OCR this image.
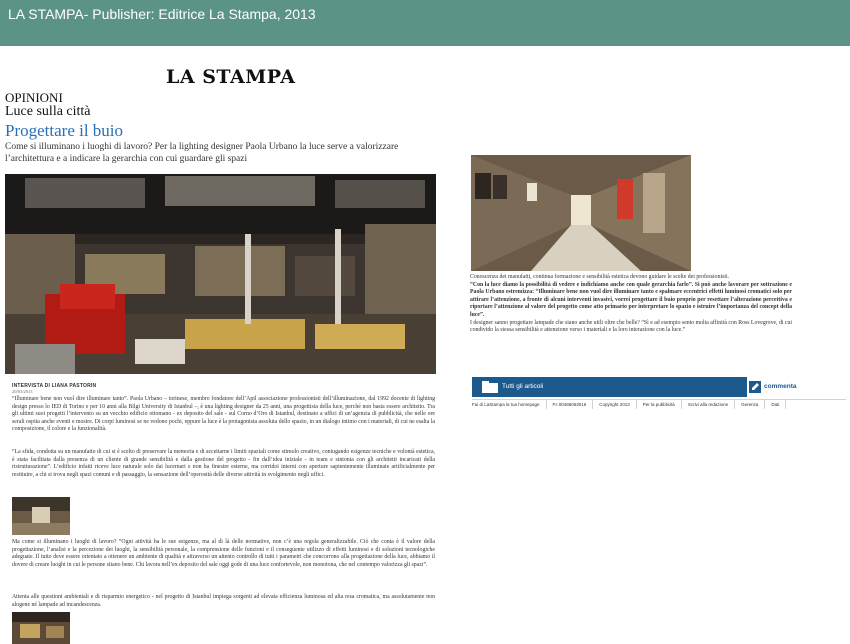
LA STAMPA- Publisher: Editrice La Stampa, 2013
LA STAMPA
OPINIONI
Luce sulla città
Progettare il buio
Come si illuminano i luoghi di lavoro? Per la lighting designer Paola Urbano la luce serve a valorizzare l’architettura e a indicare la gerarchia con cui guardare gli spazi
INTERVISTA DI LIANA PASTORIN
20/03/2013
“Illuminare bene non vuol dire illuminare tanto”. Paola Urbano – torinese, membro fondatore dell’Apil associazione professionisti dell’illuminazione, dal 1992 docente di lighting design presso lo IED di Torino e per 10 anni alla Bilgi University di Istanbul –, è una lighting designer da 25 anni, una progettista della luce, perché non basta essere architetto. Tra gli ultimi suoi progetti l’intervento su un vecchio edificio ottomano - ex deposito del sale - sul Corno d’Oro di Istanbul, destinato a uffici di un’agenzia di pubblicità, che nelle ore serali ospita anche eventi e mostre. Di corpi luminosi se ne vedono pochi, eppure la luce è la protagonista assoluta dello spazio, in un dialogo intimo con i materiali, di cui ne esalta la composizione, il colore e la funzionalità.
“La sfida, condotta su un manufatto di cui si è scelto di preservare la memoria e di accettarne i limiti spaziali come stimolo creativo, coniugando esigenze tecniche e volontà estetica, è stata facilitata dalla presenza di un cliente di grande sensibilità e dalla gestione del progetto - fin dall’idea iniziale - in team e sintonia con gli architetti incaricati della ristrutturazione”. L’edificio infatti riceve luce naturale solo dai lucernari e non ha finestre esterne, ma corridoi interni con aperture sapientemente illuminate artificialmente per restituire, a chi si trova negli spazi comuni e di passaggio, la sensazione dell’operosità delle diverse attività in svolgimento negli uffici.
Ma come si illuminano i luoghi di lavoro? “Ogni attività ha le sue esigenze, ma al di là delle normative, non c’è una regola generalizzabile. Ciò che conta è il valore della progettazione, l’analisi e la percezione dei luoghi, la sensibilità personale, la comprensione delle funzioni e il conseguente utilizzo di effetti luminosi e di soluzioni tecnologiche adeguate. Il tutto deve essere orientato a ottenere un ambiente di qualità e attraverso un attento controllo di tutti i parametri che concorrono alla progettazione della luce, abbiamo il dovere di creare luoghi in cui le persone stiano bene. Chi lavora nell’ex deposito del sale oggi gode di una luce confortevole, non monotona, che nel contempo valorizza gli spazi”.
Attenta alle questioni ambientali e di risparmio energetico - nel progetto di Istanbul impiega sorgenti ad elevata efficienza luminosa ed alta resa cromatica, ma assolutamente non alogene né lampade ad incandescenza.
Conoscenza dei manufatti, continua formazione e sensibilità estetica devono guidare le scelte dei professionisti.
“Con la luce diamo la possibilità di vedere e indichiamo anche con quale gerarchia farlo”. Si può anche lavorare per sottrazione e Paola Urbano estremizza: “Illuminare bene non vuol dire illuminare tanto e spalmare eccentrici effetti luminosi cromatici solo per attirare l’attenzione, a fronte di alcuni interventi invasivi, vorrei progettare il buio proprio per resettare l’alterazione percettiva e riportare l’attenzione al valore del progetto come atto primario per interpretare lo spazio e istruire l’importanza del concept della luce”.
I designer sanno progettare lampade che siano anche utili oltre che belle? “Sì e ad esempio sento molta affinità con Ross Lovegrove, di cui condivido la stessa sensibilità e attenzione verso i materiali e la loro interazione con la luce.”
Tutti gli articoli	commenta
Fai di LaStampa la tua homepage	P.I.00486063016	Copyright 2013	Per la pubblicità	Scrivi alla redazione	Gerenza	Dati
